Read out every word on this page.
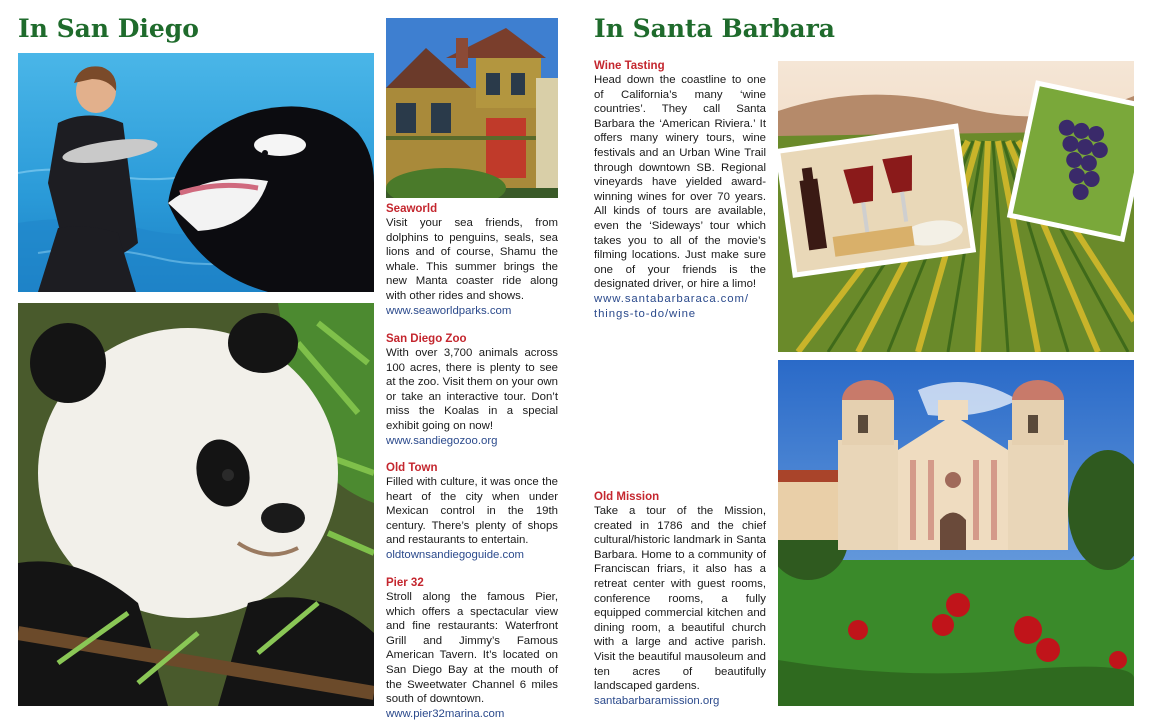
In San Diego	In Santa Barbara
Seaworld

Visit your sea friends, from dolphins to penguins, seals, sea lions and of course, Shamu the whale. This summer brings the new Manta coaster ride along with other rides and shows.

www.seaworldparks.com
San Diego Zoo

With over 3,700 animals across 100 acres, there is plenty to see at the zoo. Visit them on your own or take an interactive tour. Don’t miss the Koalas in a special exhibit going on now!

www.sandiegozoo.org
Old Town

Filled with culture, it was once the heart of the city when under Mexican control in the 19th century. There’s plenty of shops and restaurants to entertain.

oldtownsandiegoguide.com
Pier 32

Stroll along the famous Pier, which offers a spectacular view and fine restaurants: Waterfront Grill and Jimmy’s Famous American Tavern. It’s located on San Diego Bay at the mouth of the Sweetwater Channel 6 miles south of downtown.

www.pier32marina.com
Wine Tasting

Head down the coastline to one of California’s many ‘wine countries’. They call Santa Barbara the ‘American Riviera.’ It offers many winery tours, wine festivals and an Urban Wine Trail through downtown SB. Regional vineyards have yielded award-winning wines for over 70 years. All kinds of tours are available, even the ‘Sideways’ tour which takes you to all of the movie’s filming locations. Just make sure one of your friends is the designated driver, or hire a limo!

www.santabarbaraca.com/
things-to-do/wine
Old Mission

Take a tour of the Mission, created in 1786 and the chief cultural/historic landmark in Santa Barbara. Home to a community of Franciscan friars, it also has a retreat center with guest rooms, conference rooms, a fully equipped commercial kitchen and dining room, a beautiful church with a large and active parish. Visit the beautiful mausoleum and ten acres of beautifully landscaped gardens.

santabarbaramission.org
